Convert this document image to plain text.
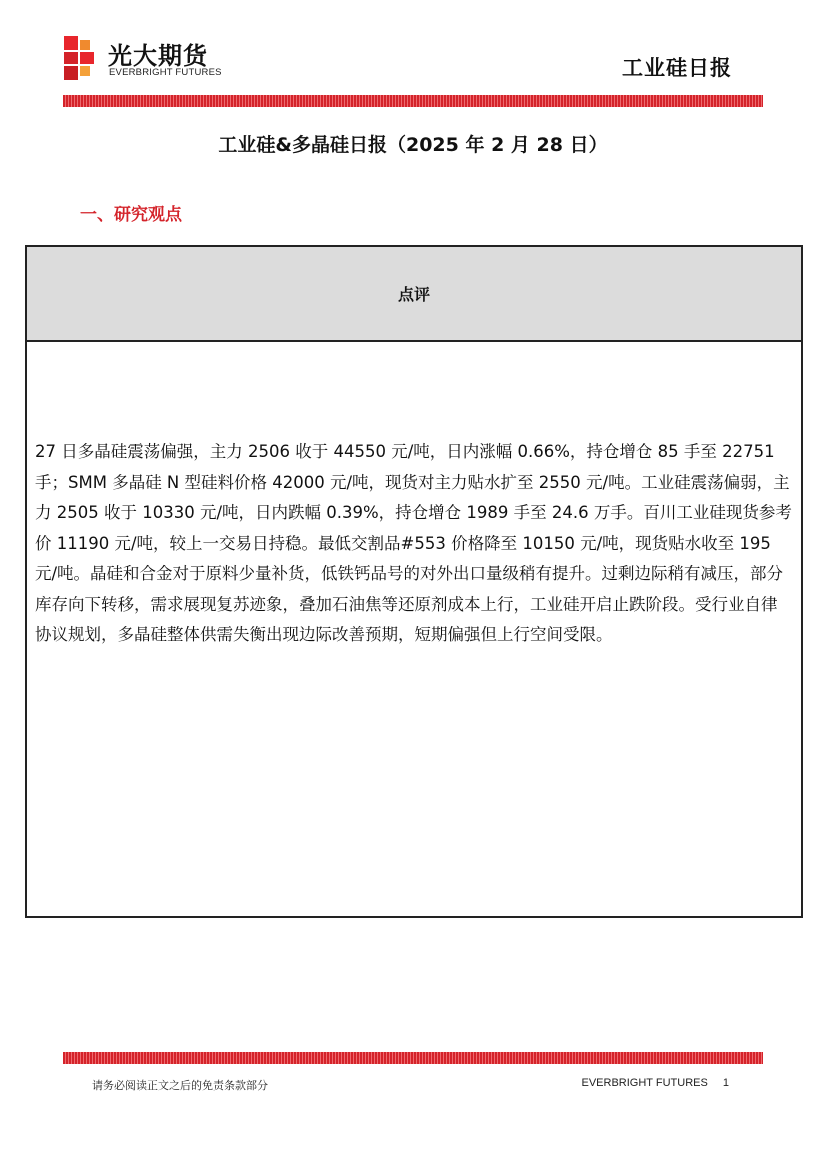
光大期货
EVERBRIGHT FUTURES	工业硅日报
工业硅&多晶硅日报（2025 年 2 月 28 日）
一、研究观点
点评

27 日多晶硅震荡偏强，主力 2506 收于 44550 元/吨，日内涨幅 0.66%，持仓增仓 85 手至 22751 手；SMM 多晶硅 N 型硅料价格 42000 元/吨，现货对主力贴水扩至 2550 元/吨。工业硅震荡偏弱，主力 2505 收于 10330 元/吨，日内跌幅 0.39%，持仓增仓 1989 手至 24.6 万手。百川工业硅现货参考价 11190 元/吨，较上一交易日持稳。最低交割品#553 价格降至 10150 元/吨，现货贴水收至 195 元/吨。晶硅和合金对于原料少量补货，低铁钙品号的对外出口量级稍有提升。过剩边际稍有减压，部分库存向下转移，需求展现复苏迹象，叠加石油焦等还原剂成本上行，工业硅开启止跌阶段。受行业自律协议规划，多晶硅整体供需失衡出现边际改善预期，短期偏强但上行空间受限。

请务必阅读正文之后的免责条款部分	EVERBRIGHT FUTURES 1
